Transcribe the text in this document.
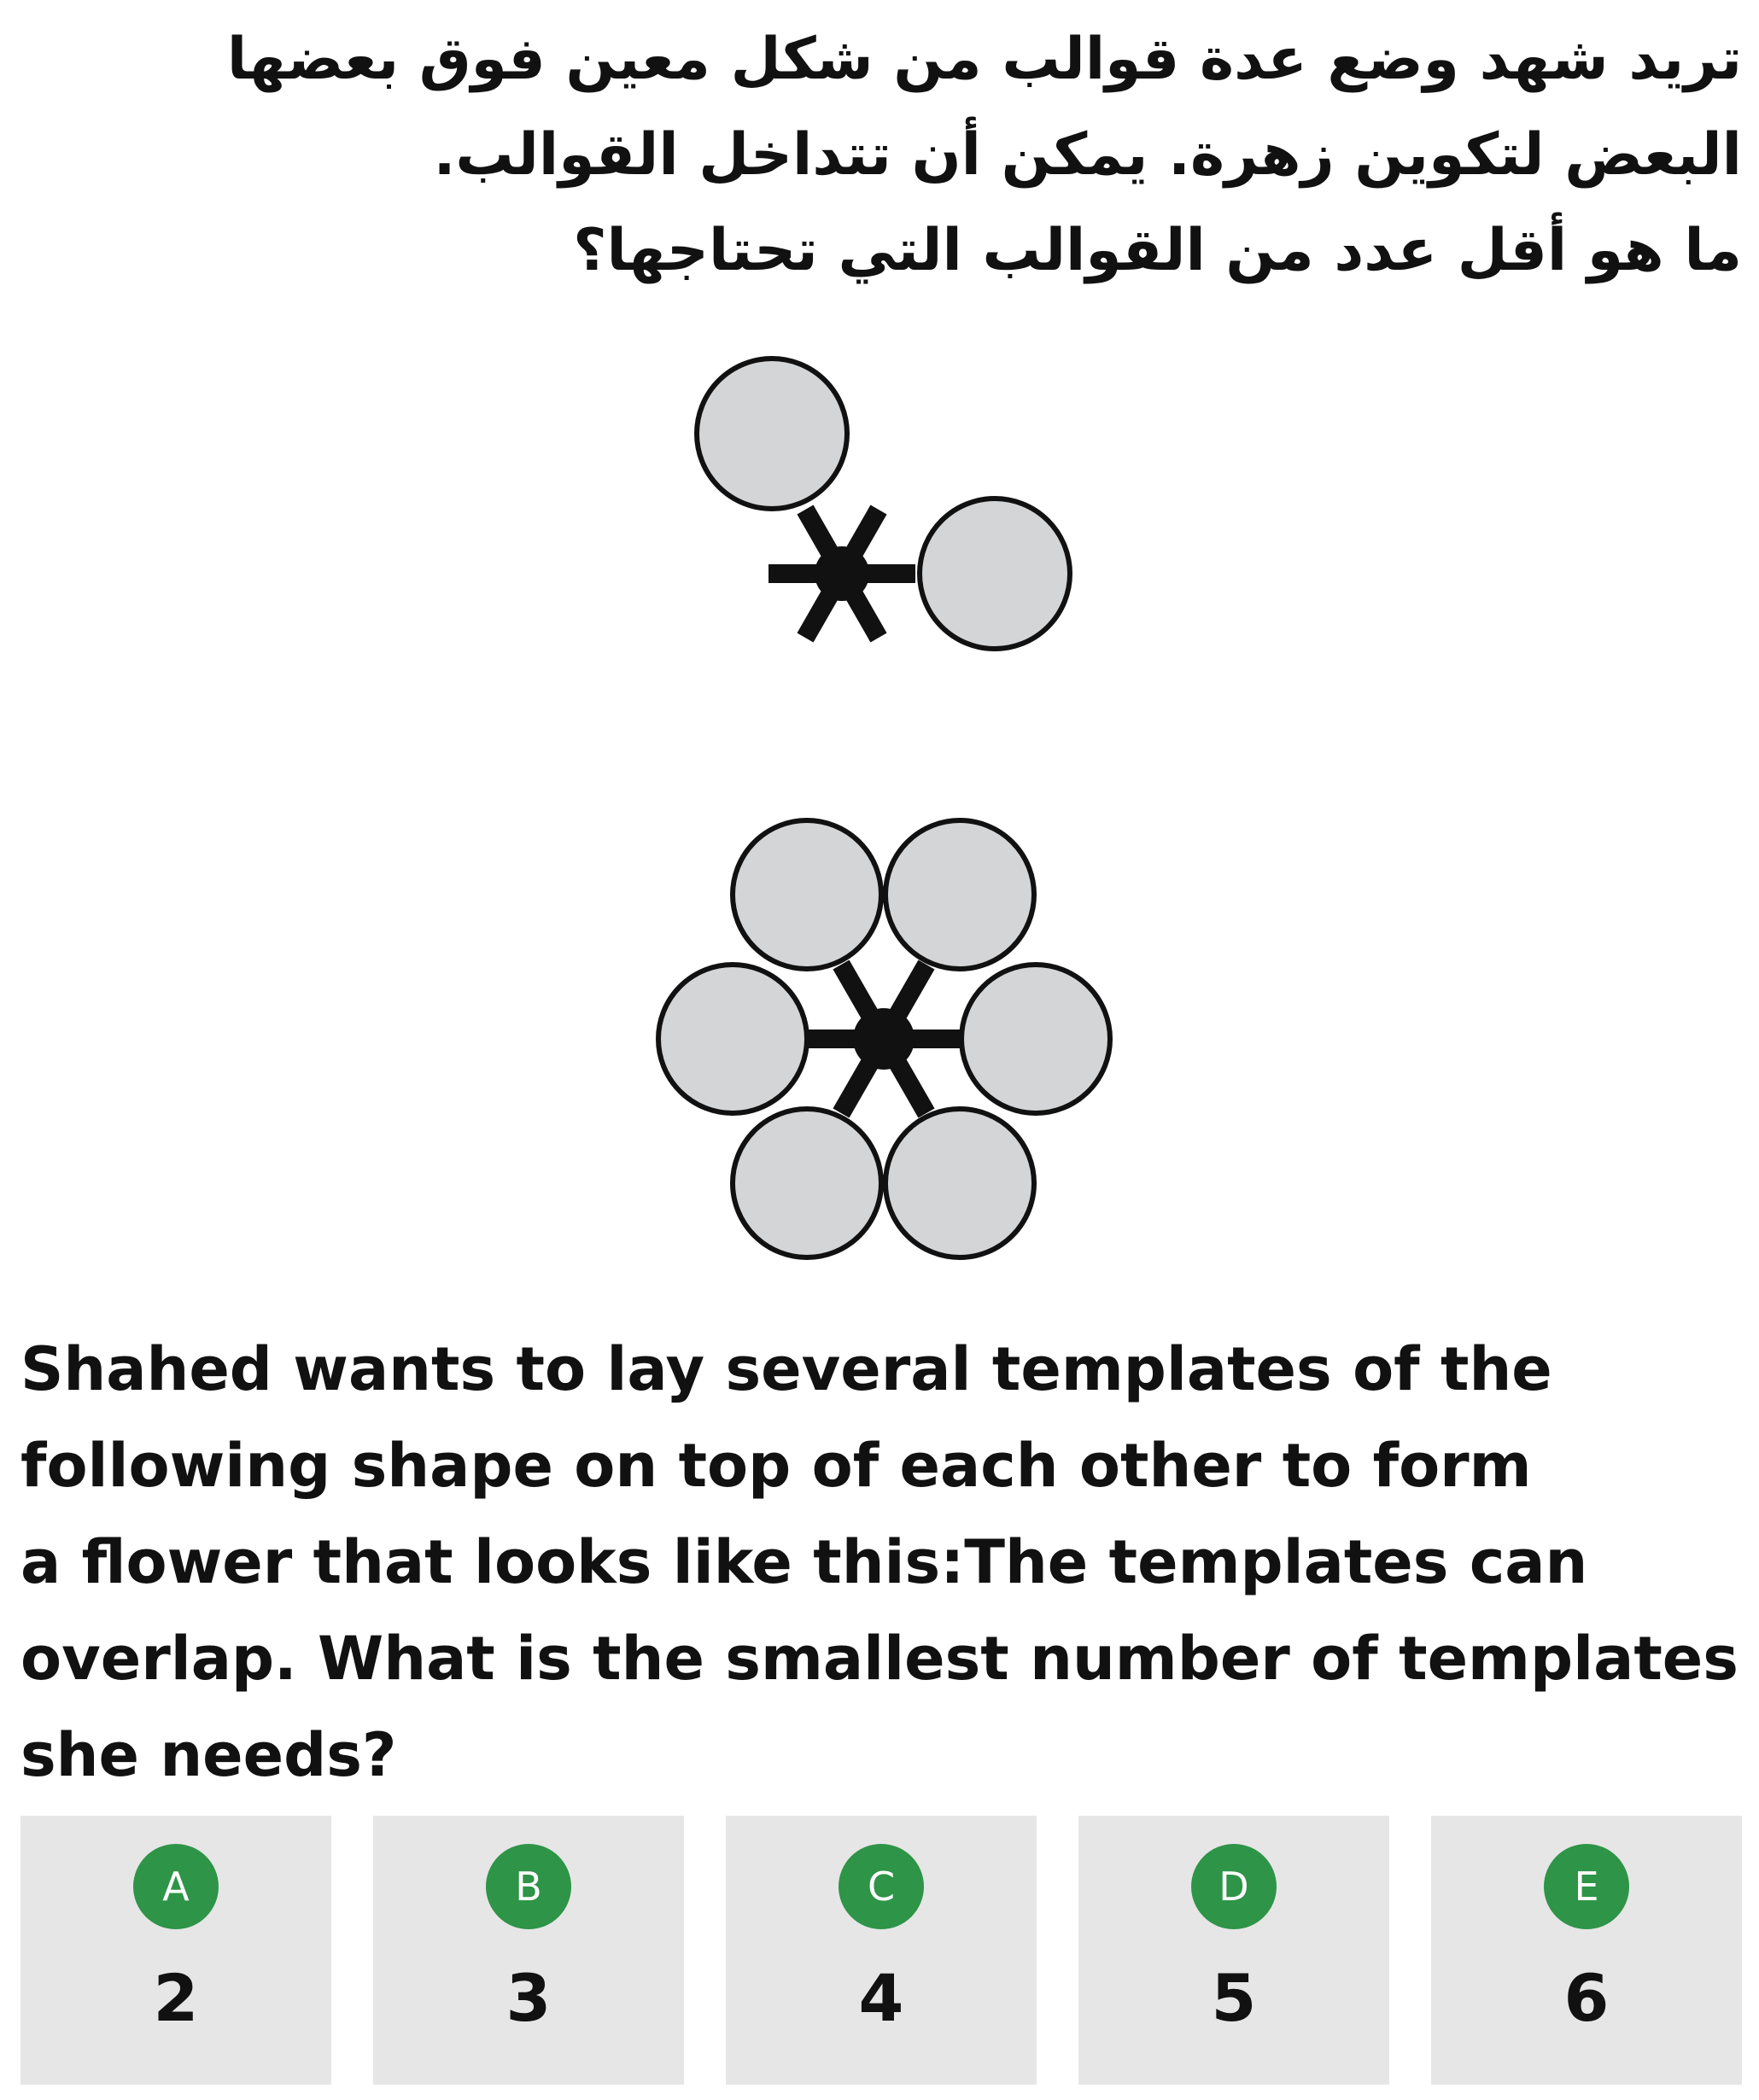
تريد شهد وضع عدة قوالب من شكل معين فوق بعضها
البعض لتكوين زهرة. يمكن أن تتداخل القوالب.
ما هو أقل عدد من القوالب التي تحتاجها؟
Shahed wants to lay several templates of the
following shape on top of each other to form
a flower that looks like this:The templates can
overlap. What is the smallest number of templates
she needs?
A
2
B
3
C
4
D
5
E
6
